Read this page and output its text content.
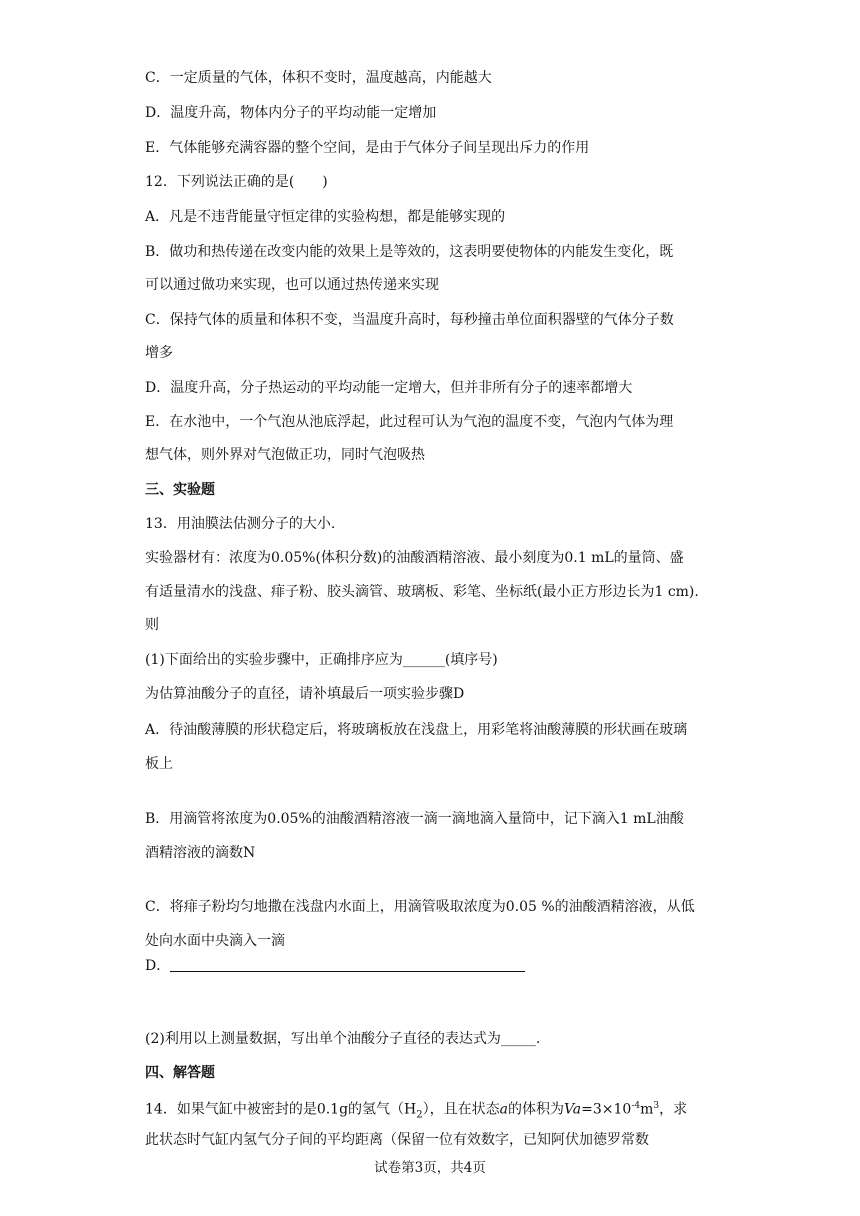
C．一定质量的气体，体积不变时，温度越高，内能越大
D．温度升高，物体内分子的平均动能一定增加
E．气体能够充满容器的整个空间，是由于气体分子间呈现出斥力的作用
12．下列说法正确的是(　　)
A．凡是不违背能量守恒定律的实验构想，都是能够实现的
B．做功和热传递在改变内能的效果上是等效的，这表明要使物体的内能发生变化，既
可以通过做功来实现，也可以通过热传递来实现
C．保持气体的质量和体积不变，当温度升高时，每秒撞击单位面积器壁的气体分子数
增多
D．温度升高，分子热运动的平均动能一定增大，但并非所有分子的速率都增大
E．在水池中，一个气泡从池底浮起，此过程可认为气泡的温度不变，气泡内气体为理
想气体，则外界对气泡做正功，同时气泡吸热
三、实验题
13．用油膜法估测分子的大小.
实验器材有：浓度为0.05%(体积分数)的油酸酒精溶液、最小刻度为0.1 mL的量筒、盛
有适量清水的浅盘、痱子粉、胶头滴管、玻璃板、彩笔、坐标纸(最小正方形边长为1 cm).
则
(1)下面给出的实验步骤中，正确排序应为______(填序号)
为估算油酸分子的直径，请补填最后一项实验步骤D
A．待油酸薄膜的形状稳定后，将玻璃板放在浅盘上，用彩笔将油酸薄膜的形状画在玻璃
板上
B．用滴管将浓度为0.05%的油酸酒精溶液一滴一滴地滴入量筒中，记下滴入1 mL油酸
酒精溶液的滴数N
C．将痱子粉均匀地撒在浅盘内水面上，用滴管吸取浓度为0.05 %的油酸酒精溶液，从低
处向水面中央滴入一滴
D．
(2)利用以上测量数据，写出单个油酸分子直径的表达式为_____.
四、解答题
14．如果气缸中被密封的是0.1g的氢气$(H_2)$，且在状态a的体积为$Va=3\times 10^{-4}m^3$，求
此状态时气缸内氢气分子间的平均距离（保留一位有效数字，已知阿伏加德罗常数
试卷第3页，共4页
